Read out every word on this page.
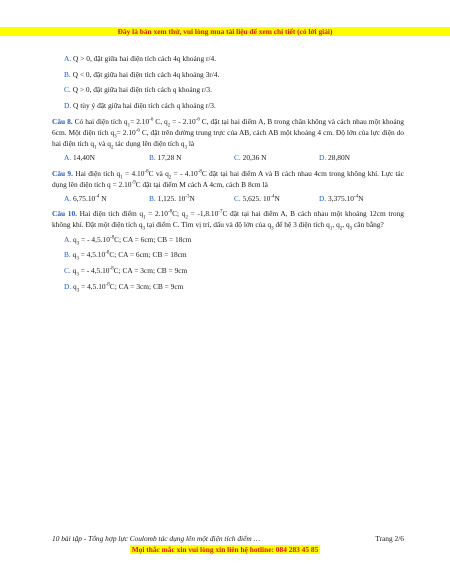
Đây là bản xem thử, vui lòng mua tài liệu để xem chi tiết (có lời giải)
A. Q > 0, đặt giữa hai điện tích cách 4q khoảng r/4.
B. Q < 0, đặt giữa hai điện tích cách 4q khoảng 3r/4.
C. Q > 0, đặt giữa hai điện tích cách q khoảng r/3.
D. Q tùy ý đặt giữa hai điện tích cách q khoảng r/3.
Câu 8. Có hai điện tích $q_1= 2.10^{-6}$ C, $q_2$ = - $2.10^{-6}$ C, đặt tại hai điểm A, B trong chân không và cách nhau một khoảng 6cm. Một điện tích $q_3= 2.10^{-6}$ C, đặt trên đường trung trực của AB, cách AB một khoảng 4 cm. Độ lớn của lực điện do hai điện tích $q_1$ và $q_2$ tác dụng lên điện tích $q_3$ là
A. 14,40N	B. 17,28 N	C. 20,36 N	D. 28,80N
Câu 9. Hai điện tích $q_1 = 4.10^{-8}C$ và $q_2$ = - $4.10^{-8}C$ đặt tại hai điểm A và B cách nhau 4cm trong không khí. Lực tác dụng lên điện tích $q = 2.10^{-9}C$ đặt tại điểm M cách A 4cm, cách B 8cm là
A. $6,75.10^{-4}$ N	B. 1,125. $10^{-3}N$	C. 5,625. $10^{-4}N$	D. $3,375.10^{-4}N$
Câu 10. Hai điện tích điểm $q_1 = 2.10^{-8}C$; $q_2 = -1,8.10^{-7}C$ đặt tại hai điểm A, B cách nhau một khoảng 12cm trong không khí. Đặt một điện tích $q_3$ tại điểm C. Tìm vị trí, dấu và độ lớn của $q_3$ để hệ 3 điện tích $q_1$, $q_2$, $q_3$ cân bằng?
A. $q_3$ = - $4,5.10^{-8}C$; CA = 6cm; CB = 18cm
B. $q_3 = 4,5.10^{-8}C$; CA = 6cm; CB = 18cm
C. $q_3$ = - $4,5.10^{-8}C$; CA = 3cm; CB = 9cm
D. $q_3 = 4,5.10^{-8}C$; CA = 3cm; CB = 9cm
10 bài tập - Tổng hợp lực Coulomb tác dụng lên một điện tích điểm …	Trang 2/6
Mọi thắc mắc xin vui lòng xin liên hệ hotline: 084 283 45 85
